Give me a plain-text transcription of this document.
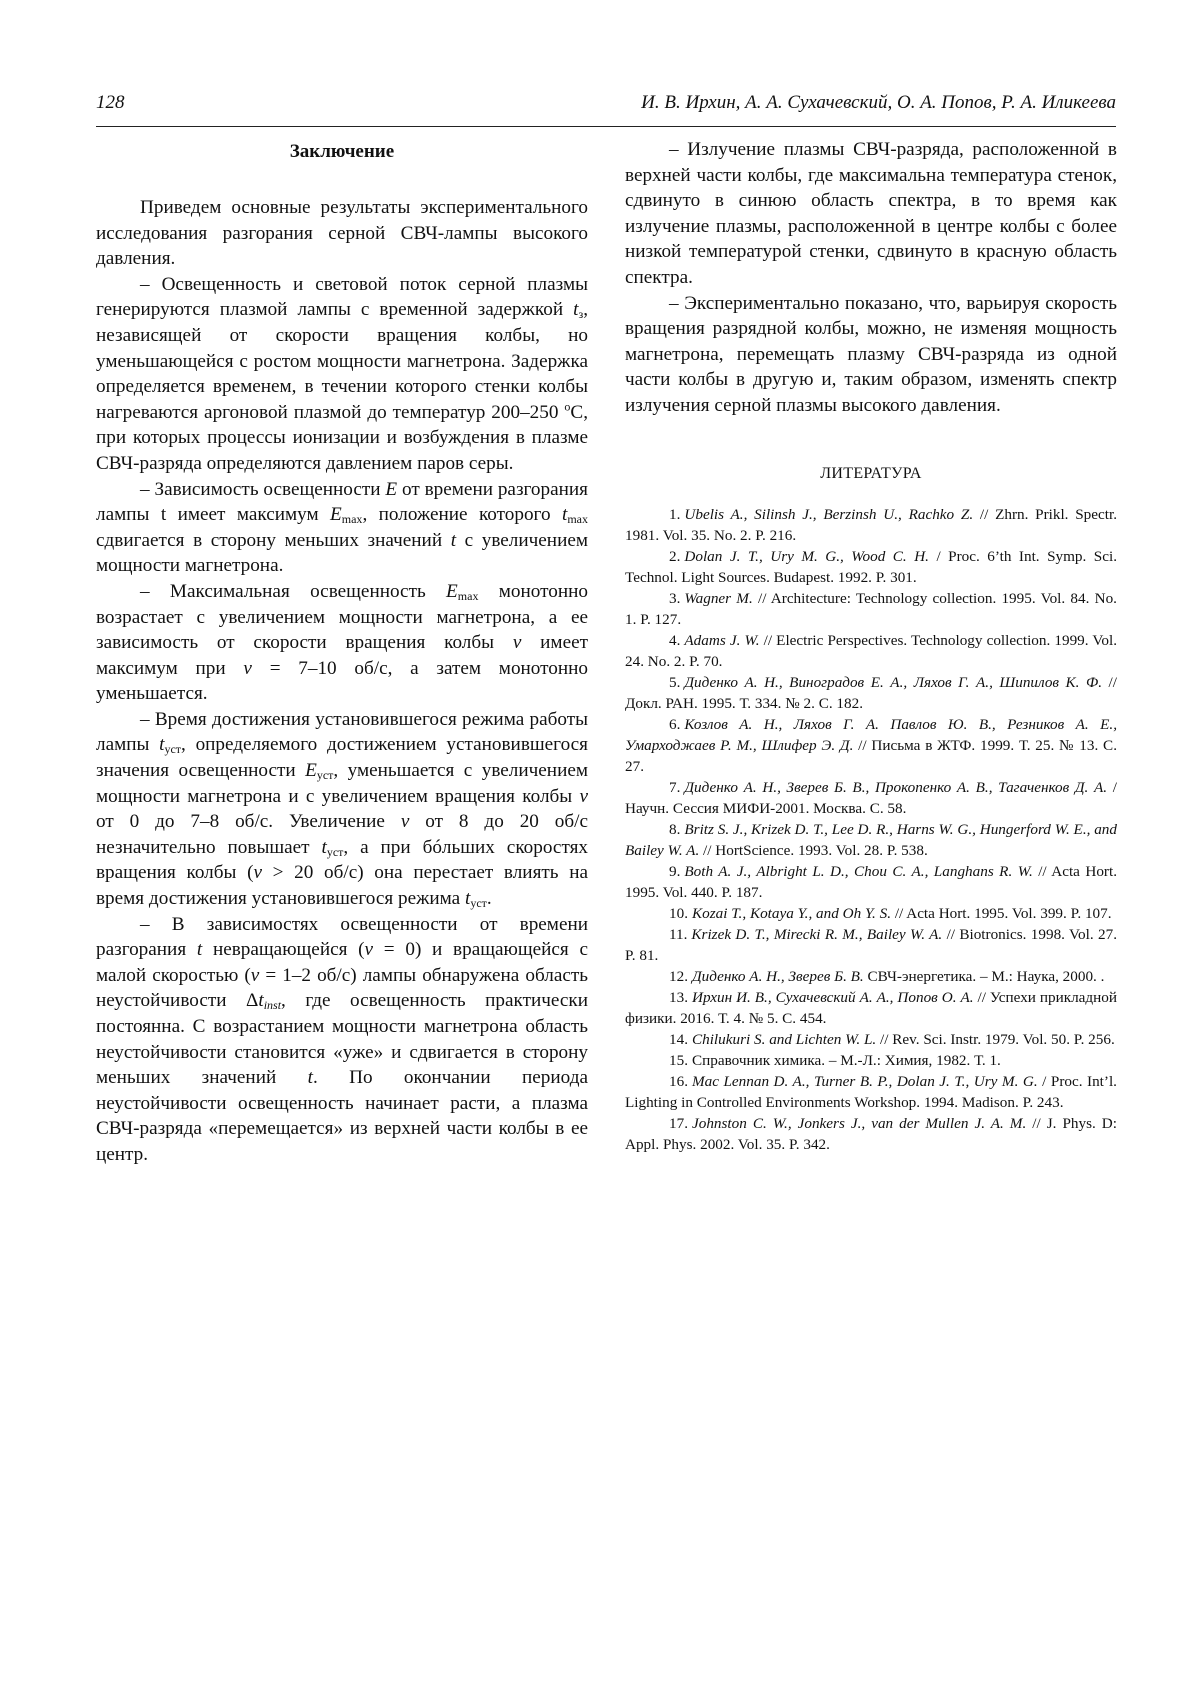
128	И. В. Ирхин, А. А. Сухачевский, О. А. Попов, Р. А. Иликеева
Заключение

Приведем основные результаты экспериментального исследования разгорания серной СВЧ-лампы высокого давления.

– Освещенность и световой поток серной плазмы генерируются плазмой лампы с временной задержкой $t_з$, независящей от скорости вращения колбы, но уменьшающейся с ростом мощности магнетрона. Задержка определяется временем, в течении которого стенки колбы нагреваются аргоновой плазмой до температур 200–250 $^о$С, при которых процессы ионизации и возбуждения в плазме СВЧ-разряда определяются давлением паров серы.

– Зависимость освещенности Е от времени разгорания лампы t имеет максимум $Е_{max}$, положение которого $t_{max}$ сдвигается в сторону меньших значений t с увеличением мощности магнетрона.

– Максимальная освещенность $Е_{max}$ монотонно возрастает с увеличением мощности магнетрона, а ее зависимость от скорости вращения колбы v имеет максимум при v = 7–10 об/с, а затем монотонно уменьшается.

– Время достижения установившегося режима работы лампы $t_{уст}$, определяемого достижением установившегося значения освещенности $Е_{уст}$, уменьшается с увеличением мощности магнетрона и с увеличением вращения колбы v от 0 до 7–8 об/с. Увеличение v от 8 до 20 об/с незначительно повышает $t_{уст}$, а при бóльших скоростях вращения колбы (v > 20 об/с) она перестает влиять на время достижения установившегося режима $t_{уст}$.

– В зависимостях освещенности от времени разгорания t невращающейся (v = 0) и вращающейся с малой скоростью (v = 1–2 об/с) лампы обнаружена область неустойчивости $\Delta t_{inst}$, где освещенность практически постоянна. С возрастанием мощности магнетрона область неустойчивости становится «уже» и сдвигается в сторону меньших значений t. По окончании периода неустойчивости освещенность начинает расти, а плазма СВЧ-разряда «перемещается» из верхней части колбы в ее центр.

– Излучение плазмы СВЧ-разряда, расположенной в верхней части колбы, где максимальна температура стенок, сдвинуто в синюю область спектра, в то время как излучение плазмы, расположенной в центре колбы с более низкой температурой стенки, сдвинуто в красную область спектра.

– Экспериментально показано, что, варьируя скорость вращения разрядной колбы, можно, не изменяя мощность магнетрона, перемещать плазму СВЧ-разряда из одной части колбы в другую и, таким образом, изменять спектр излучения серной плазмы высокого давления.

ЛИТЕРАТУРА

1. Ubelis A., Silinsh J., Berzinsh U., Rachko Z. // Zhrn. Prikl. Spectr. 1981. Vol. 35. No. 2. P. 216.

2. Dolan J. T., Ury M. G., Wood C. H. / Proc. 6’th Int. Symp. Sci. Technol. Light Sources. Budapest. 1992. P. 301.

3. Wagner M. // Architecture: Technology collection. 1995. Vol. 84. No. 1. P. 127.

4. Adams J. W. // Electric Perspectives. Technology collection. 1999. Vol. 24. No. 2. P. 70.

5. Диденко А. Н., Виноградов Е. А., Ляхов Г. А., Шипилов К. Ф. // Докл. РАН. 1995. Т. 334. № 2. С. 182.

6. Козлов А. Н., Ляхов Г. А. Павлов Ю. В., Резников А. Е., Умарходжаев Р. М., Шлифер Э. Д. // Письма в ЖТФ. 1999. Т. 25. № 13. С. 27.

7. Диденко А. Н., Зверев Б. В., Прокопенко А. В., Тагаченков Д. А. / Научн. Сессия МИФИ-2001. Москва. С. 58.

8. Britz S. J., Krizek D. T., Lee D. R., Harns W. G., Hungerford W. E., and Bailey W. A. // HortScience. 1993. Vol. 28. P. 538.

9. Both A. J., Albright L. D., Chou C. A., Langhans R. W. // Acta Hort. 1995. Vol. 440. P. 187.

10. Kozai T., Kotaya Y., and Oh Y. S. // Acta Hort. 1995. Vol. 399. P. 107.

11. Krizek D. T., Mirecki R. M., Bailey W. A. // Biotronics. 1998. Vol. 27. P. 81.

12. Диденко А. Н., Зверев Б. В. СВЧ-энергетика. – М.: Наука, 2000. .

13. Ирхин И. В., Сухачевский А. А., Попов О. А. // Успехи прикладной физики. 2016. Т. 4. № 5. С. 454.

14. Chilukuri S. and Lichten W. L. // Rev. Sci. Instr. 1979. Vol. 50. P. 256.

15. Справочник химика. – М.-Л.: Химия, 1982. Т. 1.

16. Mac Lennan D. A., Turner B. P., Dolan J. T., Ury M. G. / Proc. Int’l. Lighting in Controlled Environments Workshop. 1994. Madison. P. 243.

17. Johnston C. W., Jonkers J., van der Mullen J. A. M. // J. Phys. D: Appl. Phys. 2002. Vol. 35. P. 342.
